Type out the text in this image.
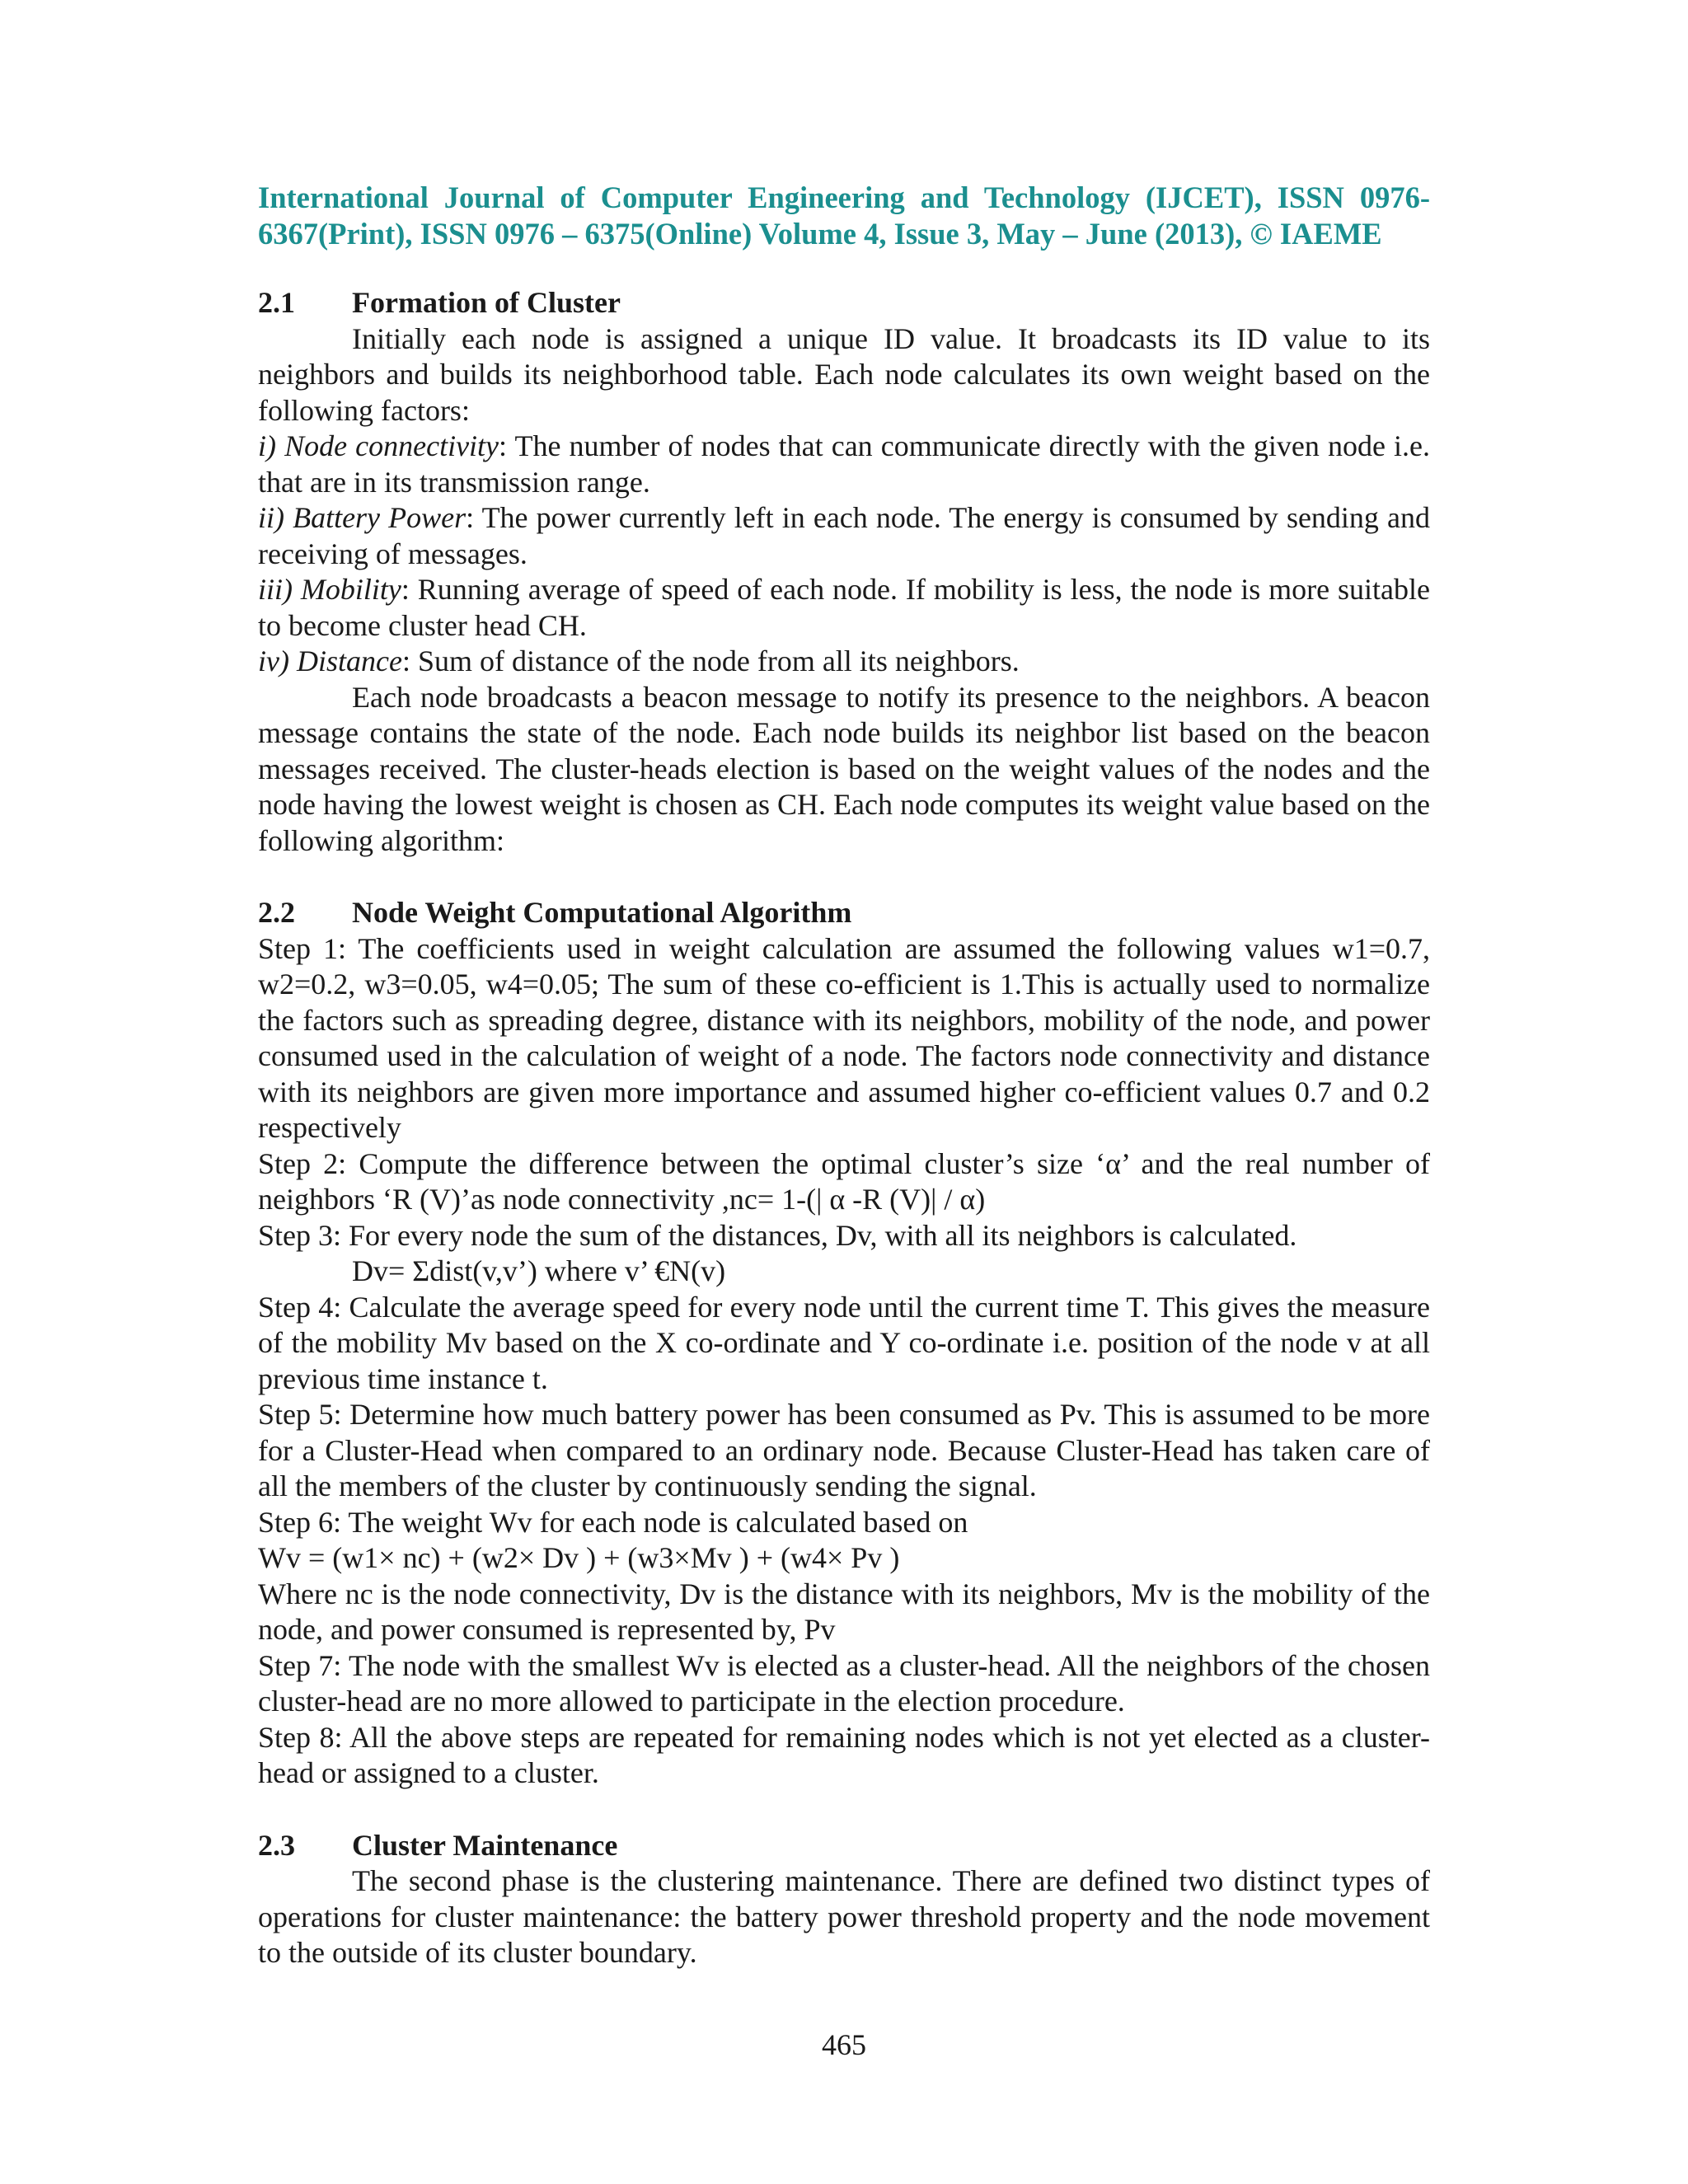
International Journal of Computer Engineering and Technology (IJCET), ISSN 0976-6367(Print), ISSN 0976 – 6375(Online) Volume 4, Issue 3, May – June (2013), © IAEME

2.1	Formation of Cluster

Initially each node is assigned a unique ID value. It broadcasts its ID value to its neighbors and builds its neighborhood table. Each node calculates its own weight based on the following factors:

i) Node connectivity: The number of nodes that can communicate directly with the given node i.e. that are in its transmission range.

ii) Battery Power: The power currently left in each node. The energy is consumed by sending and receiving of messages.

iii) Mobility: Running average of speed of each node. If mobility is less, the node is more suitable to become cluster head CH.

iv) Distance: Sum of distance of the node from all its neighbors.

Each node broadcasts a beacon message to notify its presence to the neighbors. A beacon message contains the state of the node. Each node builds its neighbor list based on the beacon messages received. The cluster-heads election is based on the weight values of the nodes and the node having the lowest weight is chosen as CH. Each node computes its weight value based on the following algorithm:

2.2	Node Weight Computational Algorithm

Step 1: The coefficients used in weight calculation are assumed the following values w1=0.7, w2=0.2, w3=0.05, w4=0.05; The sum of these co-efficient is 1.This is actually used to normalize the factors such as spreading degree, distance with its neighbors, mobility of the node, and power consumed used in the calculation of weight of a node. The factors node connectivity and distance with its neighbors are given more importance and assumed higher co-efficient values 0.7 and 0.2 respectively

Step 2: Compute the difference between the optimal cluster’s size ‘α’ and the real number of neighbors ‘R (V)’as node connectivity ,nc= 1-(| α -R (V)| / α)

Step 3: For every node the sum of the distances, Dv, with all its neighbors is calculated.

Dv= Σdist(v,v’) where v’ €N(v)

Step 4: Calculate the average speed for every node until the current time T. This gives the measure of the mobility Mv based on the X co-ordinate and Y co-ordinate i.e. position of the node v at all previous time instance t.

Step 5: Determine how much battery power has been consumed as Pv. This is assumed to be more for a Cluster-Head when compared to an ordinary node. Because Cluster-Head has taken care of all the members of the cluster by continuously sending the signal.

Step 6: The weight Wv for each node is calculated based on

Wv = (w1× nc) + (w2× Dv ) + (w3×Mv ) + (w4× Pv )

Where nc is the node connectivity, Dv is the distance with its neighbors, Mv is the mobility of the node, and power consumed is represented by, Pv

Step 7: The node with the smallest Wv is elected as a cluster-head. All the neighbors of the chosen cluster-head are no more allowed to participate in the election procedure.

Step 8: All the above steps are repeated for remaining nodes which is not yet elected as a cluster-head or assigned to a cluster.

2.3	Cluster Maintenance

The second phase is the clustering maintenance. There are defined two distinct types of operations for cluster maintenance: the battery power threshold property and the node movement to the outside of its cluster boundary.

465
